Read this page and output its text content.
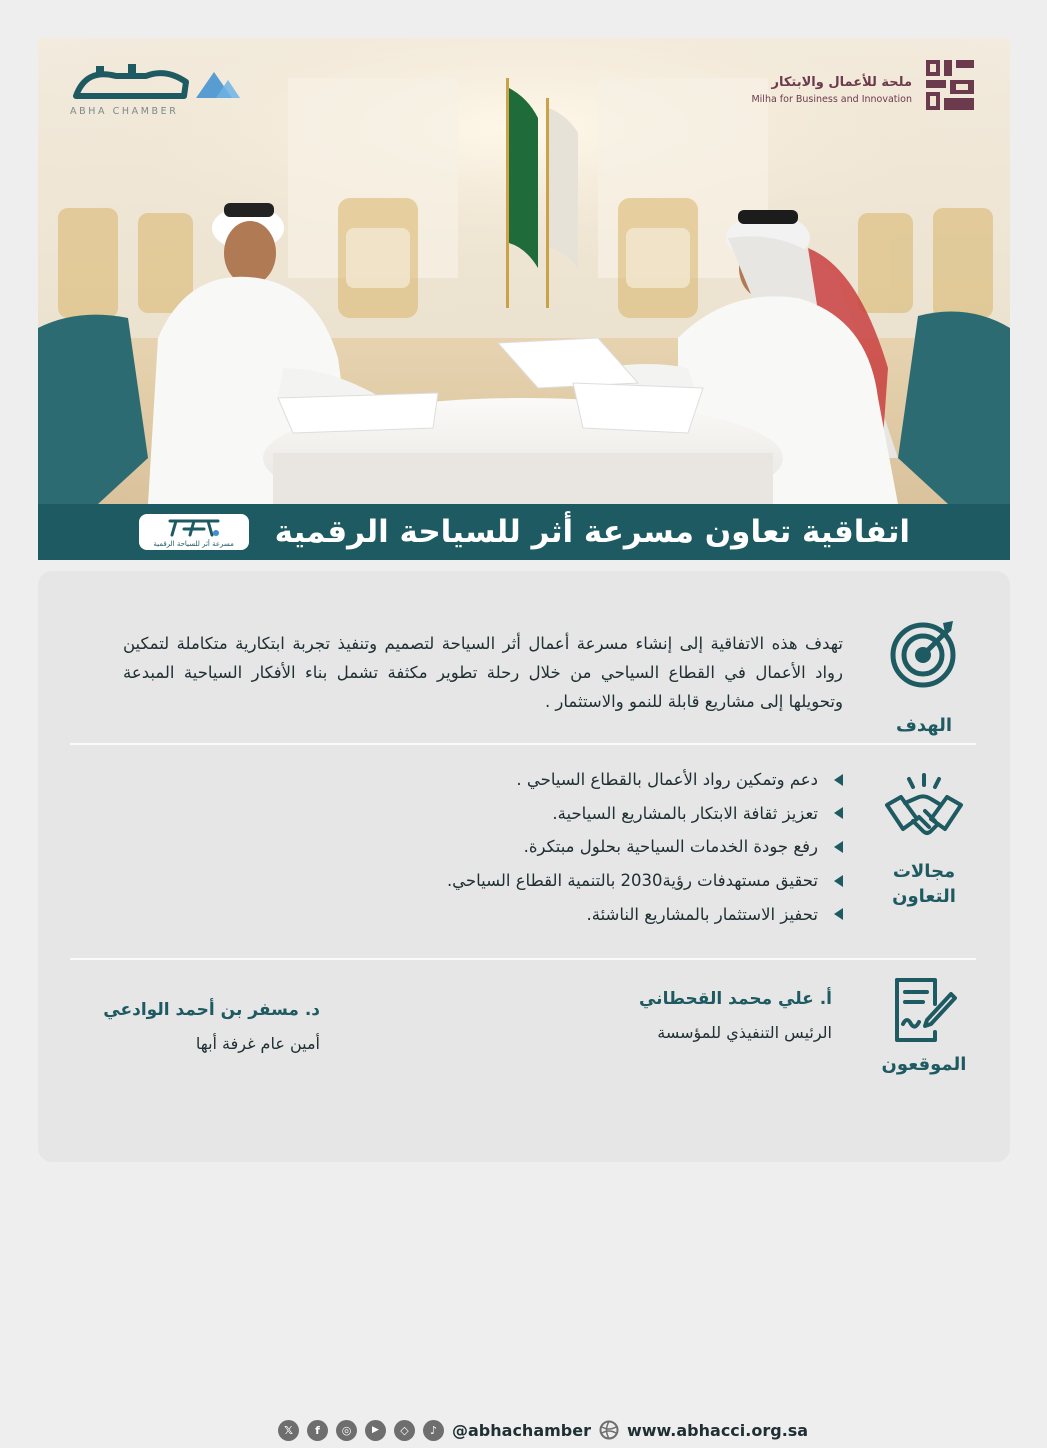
ABHA CHAMBER
ملحة للأعمال والابتكار
Milha for Business and Innovation
مسرعة أثر للسياحة الرقمية اتفاقية تعاون مسرعة أثر للسياحة الرقمية
الهدف

تهدف هذه الاتفاقية إلى إنشاء مسرعة أعمال أثر السياحة لتصميم وتنفيذ تجربة ابتكارية متكاملة لتمكين رواد الأعمال في القطاع السياحي من خلال رحلة تطوير مكثفة تشمل بناء الأفكار السياحية المبدعة وتحويلها إلى مشاريع قابلة للنمو والاستثمار .

مجالات
التعاون
دعم وتمكين رواد الأعمال بالقطاع السياحي .
تعزيز ثقافة الابتكار بالمشاريع السياحية.
رفع جودة الخدمات السياحية بحلول مبتكرة.
تحقيق مستهدفات رؤية2030 بالتنمية القطاع السياحي.
تحفيز الاستثمار بالمشاريع الناشئة.
الموقعون
أ. علي محمد القحطاني
الرئيس التنفيذي للمؤسسة
د. مسفر بن أحمد الوادعي
أمين عام غرفة أبها
𝕏	f	◎	▶	◇	♪ @abhachamber www.abhacci.org.sa
